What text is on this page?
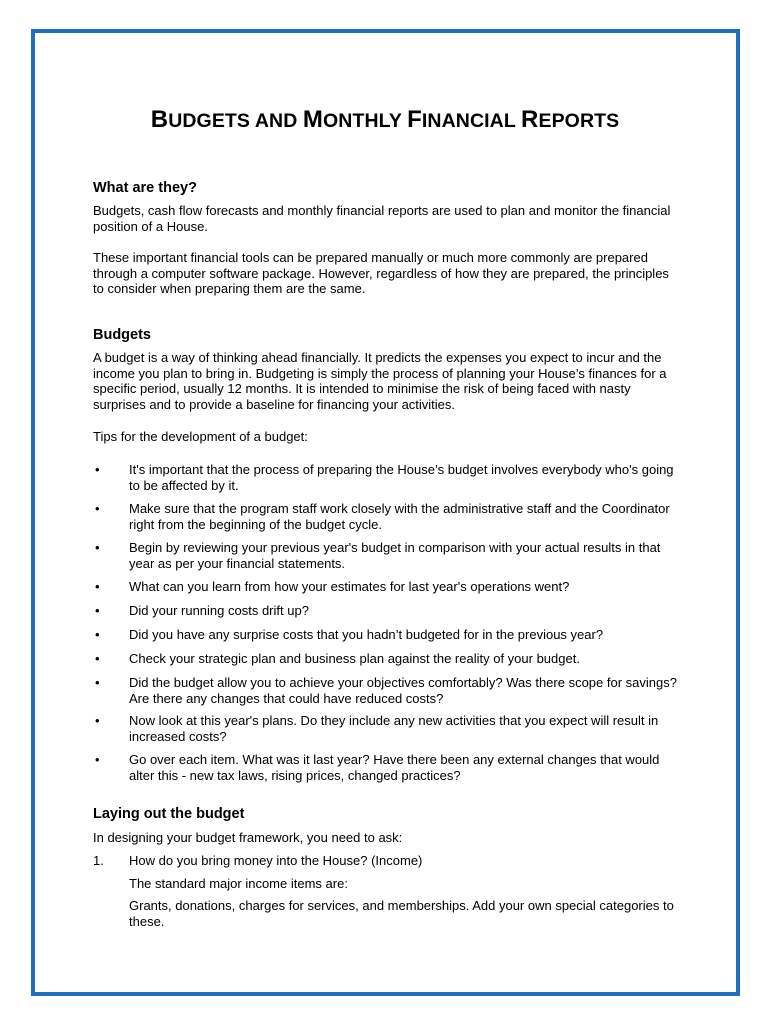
BUDGETS AND MONTHLY FINANCIAL REPORTS
What are they?
Budgets, cash flow forecasts and monthly financial reports are used to plan and monitor the financial position of a House.
These important financial tools can be prepared manually or much more commonly are prepared through a computer software package. However, regardless of how they are prepared, the principles to consider when preparing them are the same.
Budgets
A budget is a way of thinking ahead financially. It predicts the expenses you expect to incur and the income you plan to bring in. Budgeting is simply the process of planning your House’s finances for a specific period, usually 12 months. It is intended to minimise the risk of being faced with nasty surprises and to provide a baseline for financing your activities.
Tips for the development of a budget:
• It's important that the process of preparing the House’s budget involves everybody who's going to be affected by it.
• Make sure that the program staff work closely with the administrative staff and the Coordinator right from the beginning of the budget cycle.
• Begin by reviewing your previous year's budget in comparison with your actual results in that year as per your financial statements.
• What can you learn from how your estimates for last year's operations went?
• Did your running costs drift up?
• Did you have any surprise costs that you hadn’t budgeted for in the previous year?
• Check your strategic plan and business plan against the reality of your budget.
• Did the budget allow you to achieve your objectives comfortably? Was there scope for savings? Are there any changes that could have reduced costs?
• Now look at this year's plans. Do they include any new activities that you expect will result in increased costs?
• Go over each item. What was it last year? Have there been any external changes that would alter this - new tax laws, rising prices, changed practices?
Laying out the budget
In designing your budget framework, you need to ask:
1. How do you bring money into the House? (Income)
The standard major income items are:
Grants, donations, charges for services, and memberships. Add your own special categories to these.
